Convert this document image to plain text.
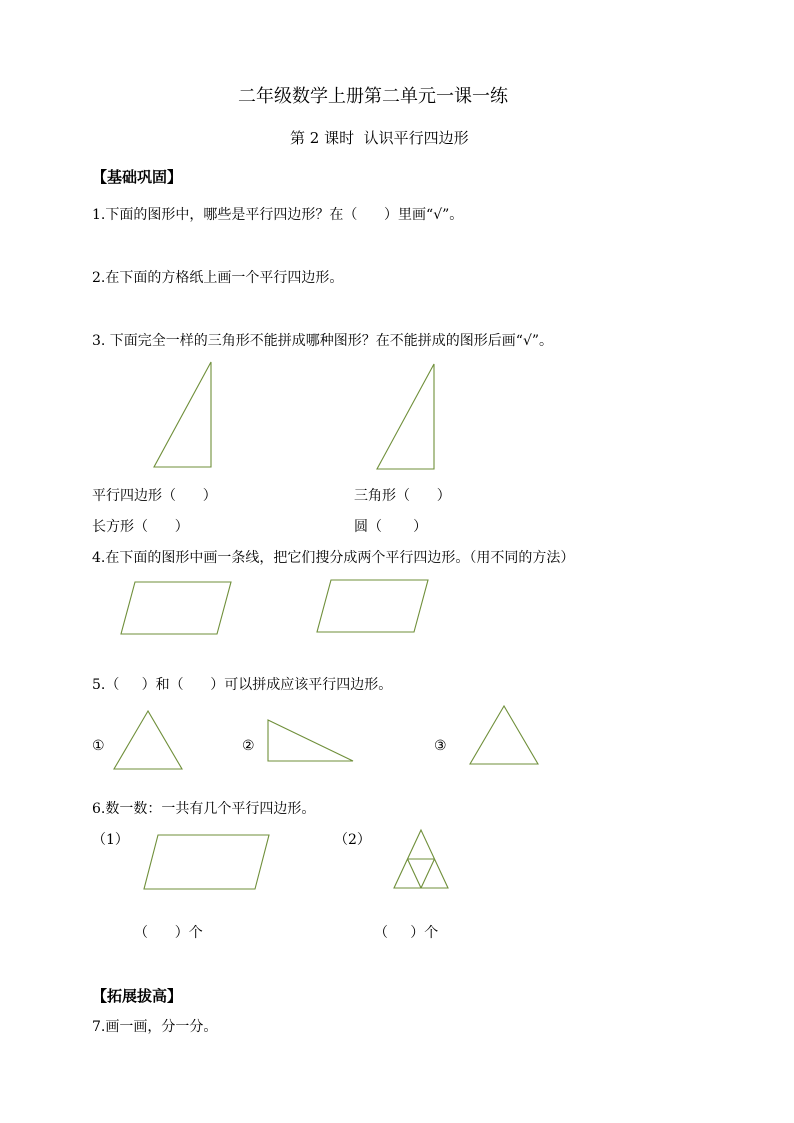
二年级数学上册第二单元一课一练
第 2 课时  认识平行四边形
【基础巩固】
1.下面的图形中，哪些是平行四边形？在（      ）里画“√”。
2.在下面的方格纸上画一个平行四边形。
3. 下面完全一样的三角形不能拼成哪种图形？在不能拼成的图形后画“√”。
平行四边形（      ）	三角形（      ）
长方形（      ）	圆（       ）
4.在下面的图形中画一条线，把它们搜分成两个平行四边形。（用不同的方法）
5.（     ）和（      ）可以拼成应该平行四边形。
①	②	③
6.数一数：一共有几个平行四边形。
（1）	（2）
（      ）个	（     ）个
【拓展拔高】
7.画一画，分一分。
